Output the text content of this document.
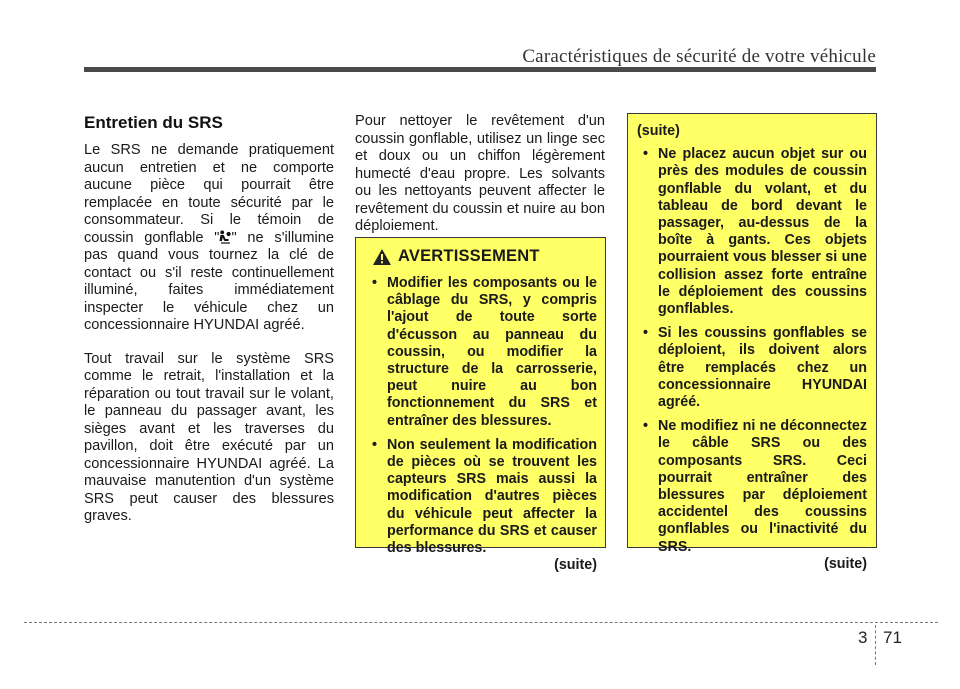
Caractéristiques de sécurité de votre véhicule
Entretien du SRS

Le SRS ne demande pratiquement aucun entretien et ne comporte aucune pièce qui pourrait être remplacée en toute sécurité par le consommateur. Si le témoin de coussin gonflable " " ne s'illumine pas quand vous tournez la clé de contact ou s'il reste continuellement illuminé, faites immédiatement inspecter le véhicule chez un concessionnaire HYUNDAI agréé.

Tout travail sur le système SRS comme le retrait, l'installation et la réparation ou tout travail sur le volant, le panneau du passager avant, les sièges avant et les traverses du pavillon, doit être exécuté par un concessionnaire HYUNDAI agréé. La mauvaise manutention d'un système SRS peut causer des blessures graves.

Pour nettoyer le revêtement d'un coussin gonflable, utilisez un linge sec et doux ou un chiffon légèrement humecté d'eau propre. Les solvants ou les nettoyants peuvent affecter le revêtement du coussin et nuire au bon déploiement.

AVERTISSEMENT
• Modifier les composants ou le câblage du SRS, y compris l'ajout de toute sorte d'écusson au panneau du coussin, ou modifier la structure de la carrosserie, peut nuire au bon fonctionnement du SRS et entraîner des blessures.
• Non seulement la modification de pièces où se trouvent les capteurs SRS mais aussi la modification d'autres pièces du véhicule peut affecter la performance du SRS et causer des blessures.
(suite)
(suite)
• Ne placez aucun objet sur ou près des modules de coussin gonflable du volant, et du tableau de bord devant le passager, au-dessus de la boîte à gants. Ces objets pourraient vous blesser si une collision assez forte entraîne le déploiement des coussins gonflables.
• Si les coussins gonflables se déploient, ils doivent alors être remplacés chez un concessionnaire HYUNDAI agréé.
• Ne modifiez ni ne déconnectez le câble SRS ou des composants SRS. Ceci pourrait entraîner des blessures par déploiement accidentel des coussins gonflables ou l'inactivité du SRS.
(suite)
3 71
